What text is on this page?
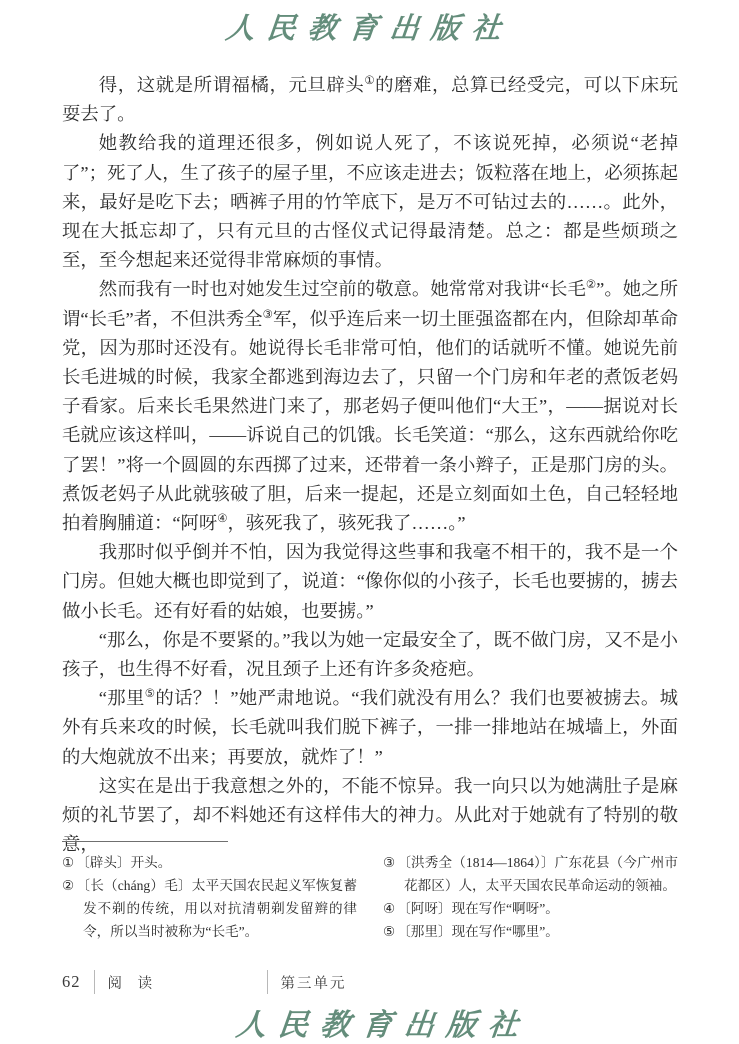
人民教育出版社

得，这就是所谓福橘，元旦辟头①的磨难，总算已经受完，可以下床玩耍去了。

她教给我的道理还很多，例如说人死了，不该说死掉，必须说“老掉了”；死了人，生了孩子的屋子里，不应该走进去；饭粒落在地上，必须拣起来，最好是吃下去；晒裤子用的竹竿底下，是万不可钻过去的……。此外，现在大抵忘却了，只有元旦的古怪仪式记得最清楚。总之：都是些烦琐之至，至今想起来还觉得非常麻烦的事情。

然而我有一时也对她发生过空前的敬意。她常常对我讲“长毛②”。她之所谓“长毛”者，不但洪秀全③军，似乎连后来一切土匪强盗都在内，但除却革命党，因为那时还没有。她说得长毛非常可怕，他们的话就听不懂。她说先前长毛进城的时候，我家全都逃到海边去了，只留一个门房和年老的煮饭老妈子看家。后来长毛果然进门来了，那老妈子便叫他们“大王”，——据说对长毛就应该这样叫，——诉说自己的饥饿。长毛笑道：“那么，这东西就给你吃了罢！”将一个圆圆的东西掷了过来，还带着一条小辫子，正是那门房的头。煮饭老妈子从此就骇破了胆，后来一提起，还是立刻面如土色，自己轻轻地拍着胸脯道：“阿呀④，骇死我了，骇死我了……。”

我那时似乎倒并不怕，因为我觉得这些事和我毫不相干的，我不是一个门房。但她大概也即觉到了，说道：“像你似的小孩子，长毛也要掳的，掳去做小长毛。还有好看的姑娘，也要掳。”

“那么，你是不要紧的。”我以为她一定最安全了，既不做门房，又不是小孩子，也生得不好看，况且颈子上还有许多灸疮疤。

“那里⑤的话？！”她严肃地说。“我们就没有用么？我们也要被掳去。城外有兵来攻的时候，长毛就叫我们脱下裤子，一排一排地站在城墙上，外面的大炮就放不出来；再要放，就炸了！”

这实在是出于我意想之外的，不能不惊异。我一向只以为她满肚子是麻烦的礼节罢了，却不料她还有这样伟大的神力。从此对于她就有了特别的敬意，

① 〔辟头〕开头。

② 〔长（cháng）毛〕太平天国农民起义军恢复蓄发不剃的传统，用以对抗清朝剃发留辫的律令，所以当时被称为“长毛”。

③ 〔洪秀全（1814—1864）〕广东花县（今广州市花都区）人，太平天国农民革命运动的领袖。

④ 〔阿呀〕现在写作“啊呀”。

⑤ 〔那里〕现在写作“哪里”。

62 阅 读	第三单元
人民教育出版社
